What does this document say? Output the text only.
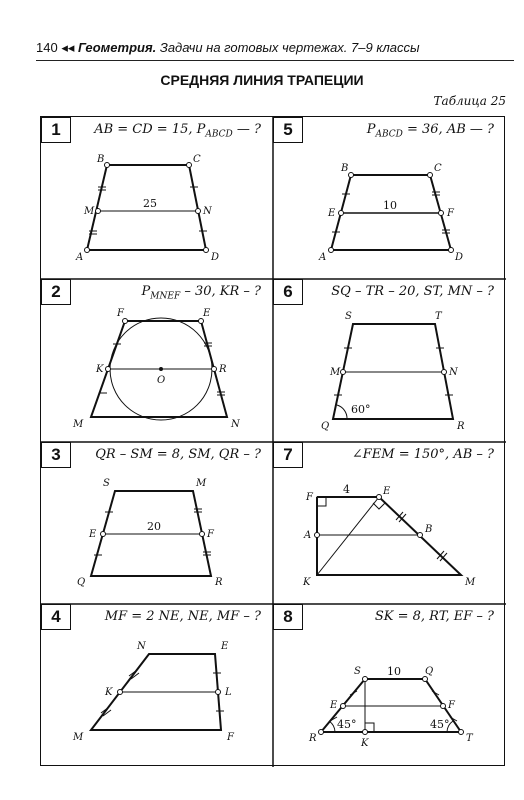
140 ◂◂ Геометрия. Задачи на готовых чертежах. 7–9 классы
СРЕДНЯЯ ЛИНИЯ ТРАПЕЦИИ
Таблица 25
1	AB = CD = 15, $P_{ABCD}$ — ?
B	C
M	N
A	D
25
5	$P_{ABCD} = 36$, AB — ?
B	C
E	F
A	D
10
2	$P_{MNEF} - 30$, KR – ?
F	E
K
O
R
M	N
6	SQ – TR – 20, ST, MN – ?
S	T
M	N
Q	R
60°
3	QR – SM = 8, SM, QR – ?
S	M
E	F
Q	R
20
7	∠FEM = 150°, AB – ?
F
E
A
B
K	M
4
4	MF = 2 NE, NE, MF – ?
N	E
K	L
M	F
8	SK = 8, RT, EF – ?
S	Q
E	F
R	K	T
10
45°	45°
